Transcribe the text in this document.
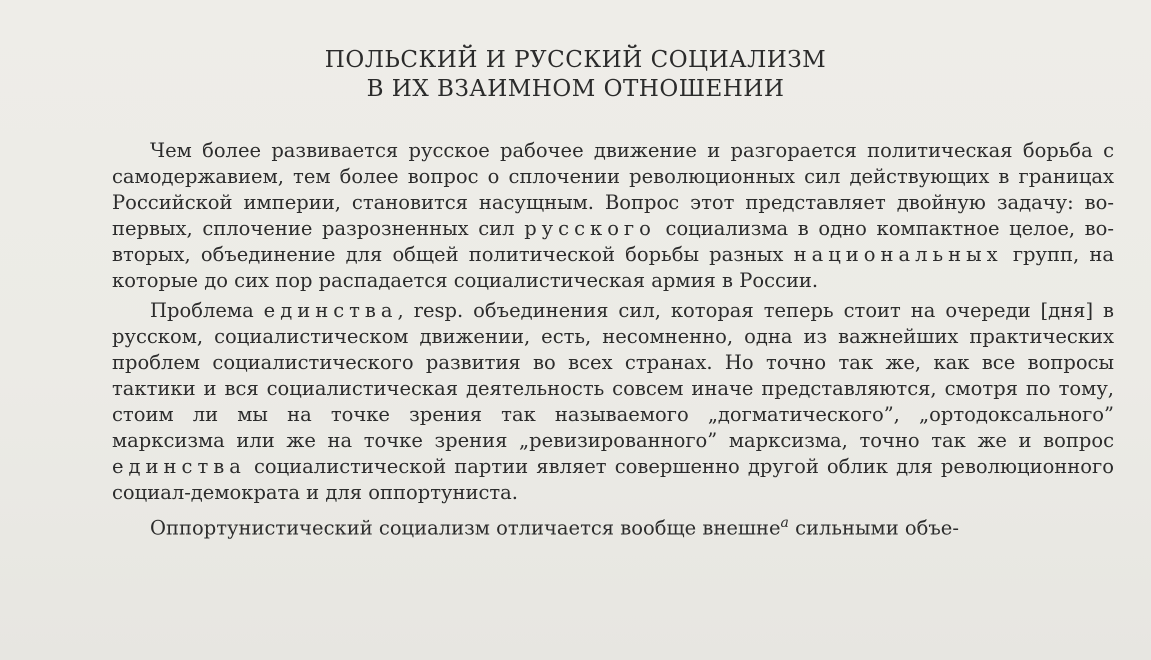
ПОЛЬСКИЙ И РУССКИЙ СОЦИАЛИЗМ
В ИХ ВЗАИМНОМ ОТНОШЕНИИ

Чем более развивается русское рабочее движение и разгорается политическая борьба с самодержавием, тем более вопрос о сплочении революционных сил действующих в границах Российской империи, становится насущным. Вопрос этот представляет двойную задачу: во-первых, сплочение разрозненных сил русского социализма в одно компактное целое, во-вторых, объединение для общей политической борьбы разных национальных групп, на которые до сих пор распадается социалистическая армия в России.

Проблема единства, resp. объединения сил, которая теперь стоит на очереди [дня] в русском, социалистическом движении, есть, несомненно, одна из важнейших практических проблем социалистического развития во всех странах. Но точно так же, как все вопросы тактики и вся социалистическая деятельность совсем иначе представляются, смотря по тому, стоим ли мы на точке зрения так называемого „догматического”, „ортодоксального” марксизма или же на точке зрения „ревизированного” марксизма, точно так же и вопрос единства социалистической партии являет совершенно другой облик для революционного социал-демократа и для оппортуниста.

Оппортунистический социализм отличается вообще внешне$^а$ сильными объе-
